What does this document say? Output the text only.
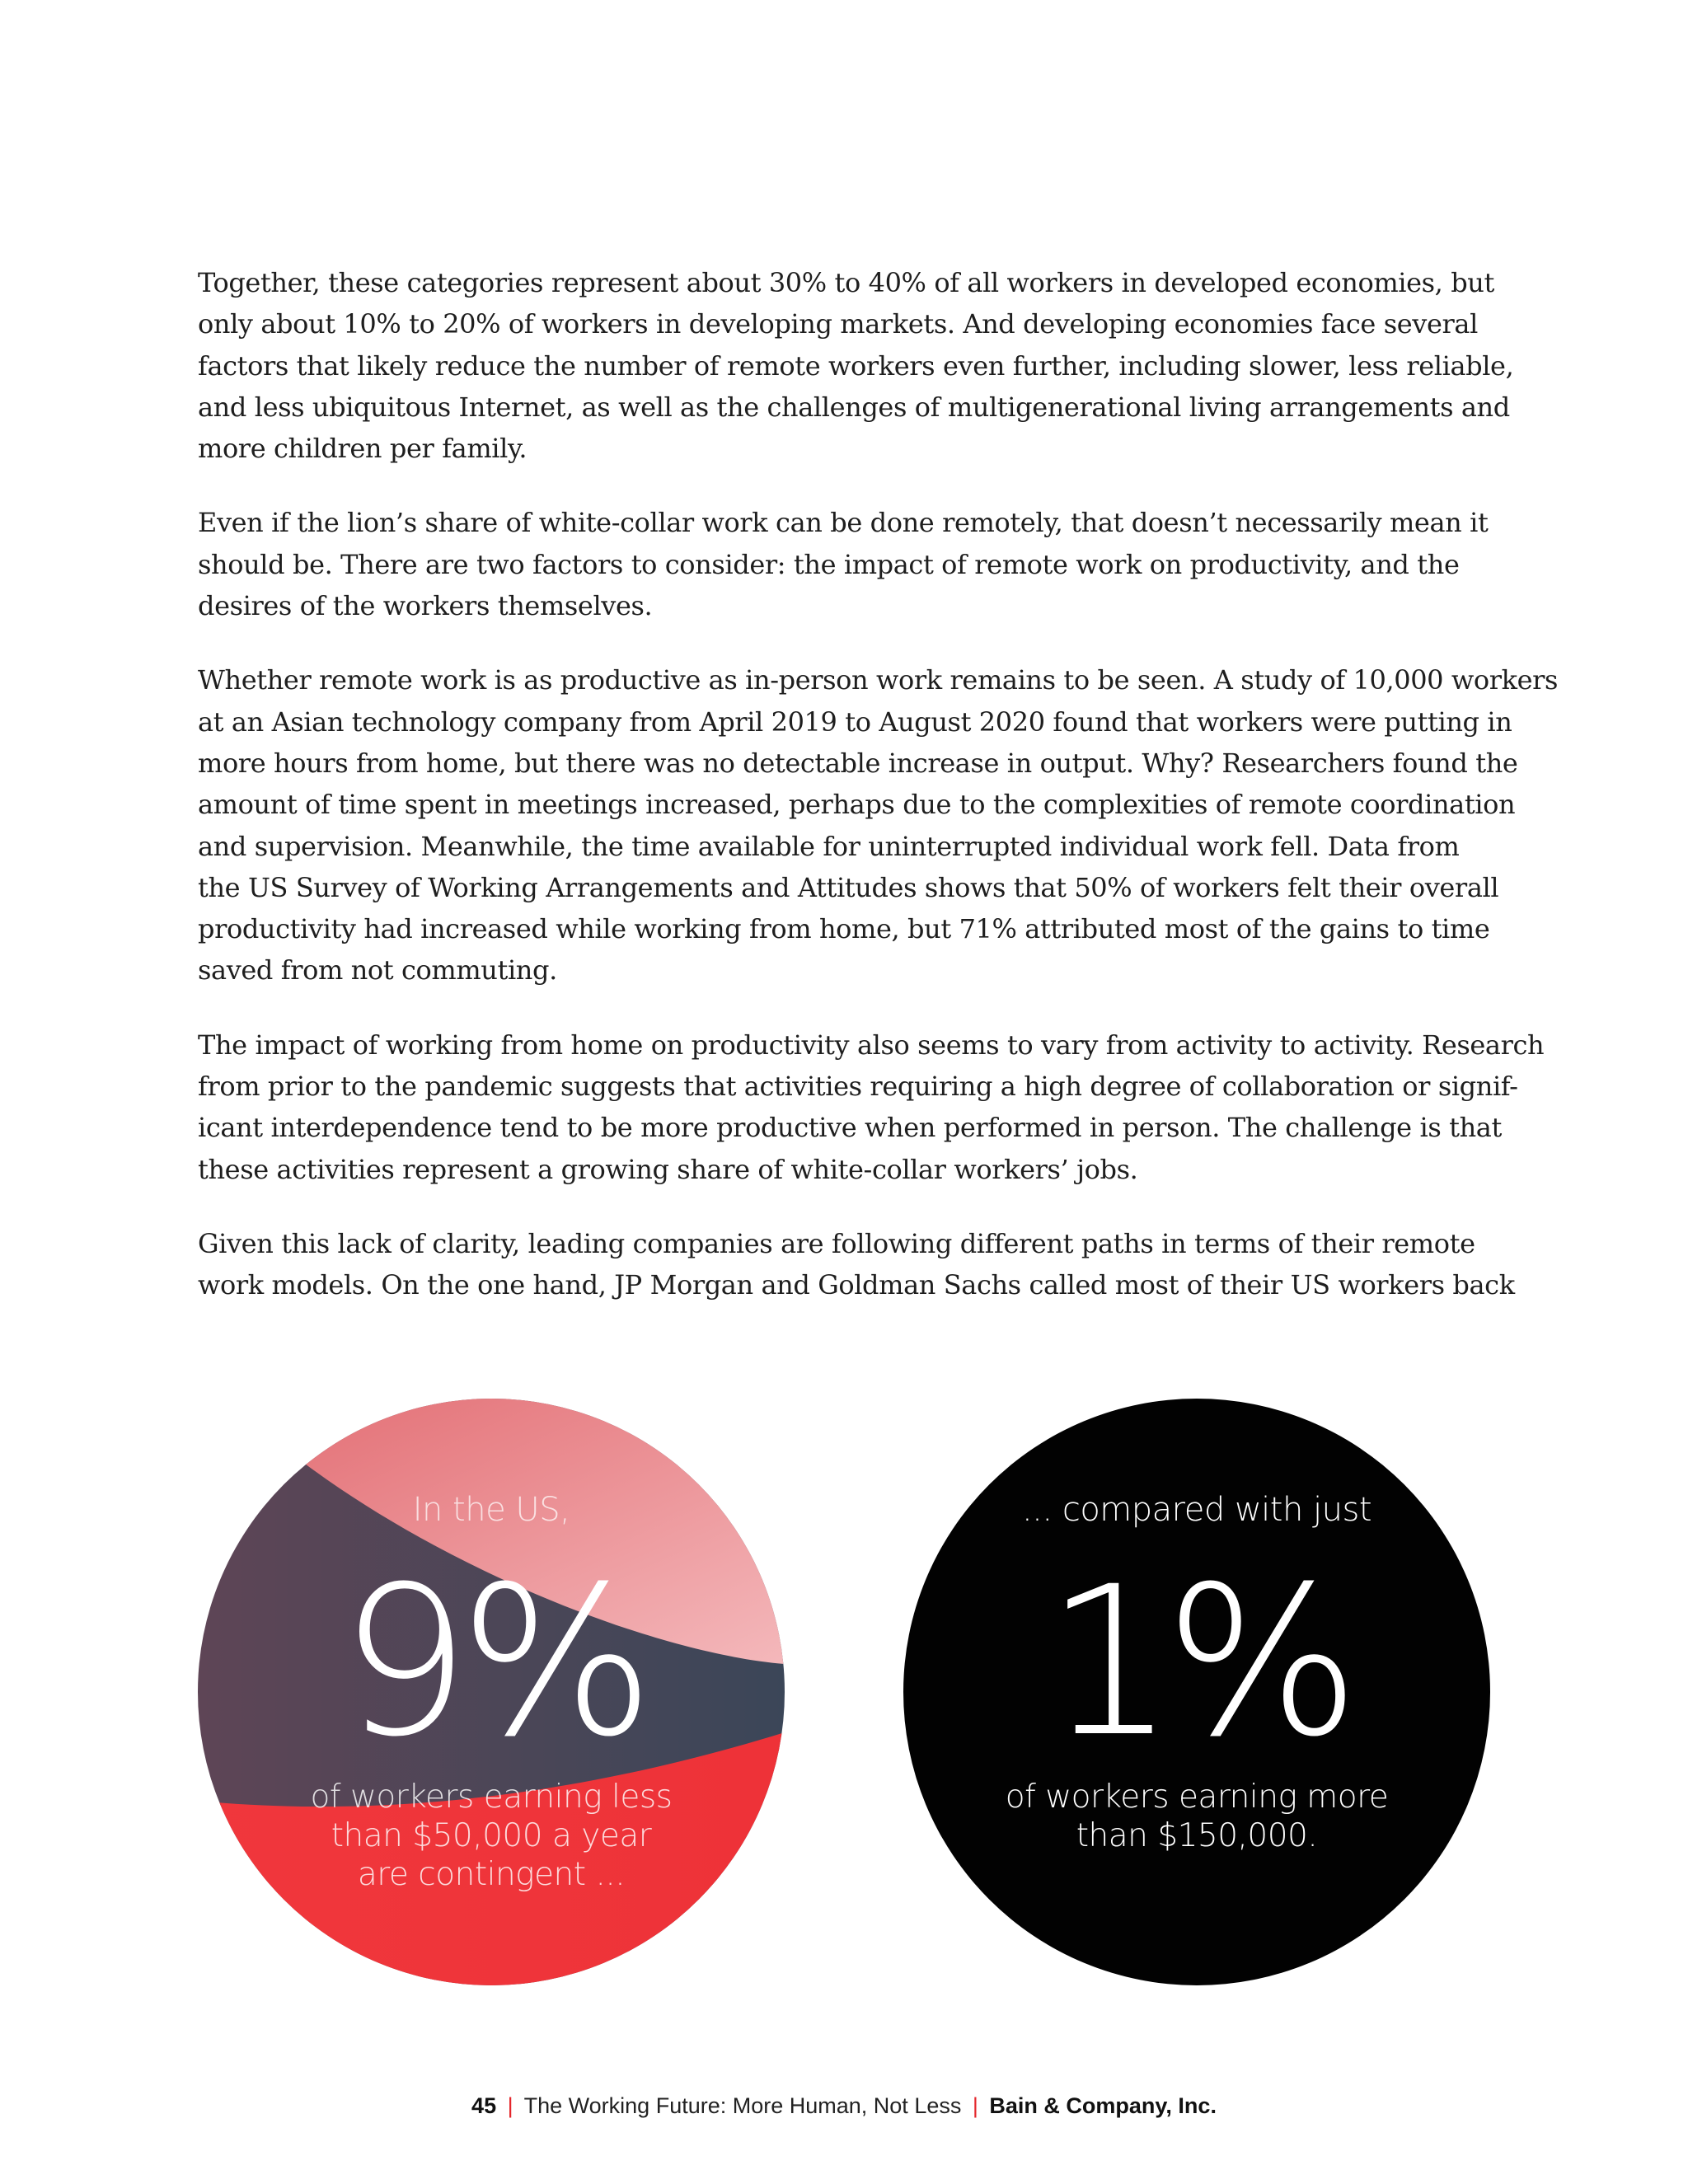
Together, these categories represent about 30% to 40% of all workers in developed economies, but
only about 10% to 20% of workers in developing markets. And developing economies face several
factors that likely reduce the number of remote workers even further, including slower, less reliable,
and less ubiquitous Internet, as well as the challenges of multigenerational living arrangements and
more children per family.

Even if the lion’s share of white-collar work can be done remotely, that doesn’t necessarily mean it
should be. There are two factors to consider: the impact of remote work on productivity, and the
desires of the workers themselves.

Whether remote work is as productive as in-person work remains to be seen. A study of 10,000 workers
at an Asian technology company from April 2019 to August 2020 found that workers were putting in
more hours from home, but there was no detectable increase in output. Why? Researchers found the
amount of time spent in meetings increased, perhaps due to the complexities of remote coordination
and supervision. Meanwhile, the time available for uninterrupted individual work fell. Data from
the US Survey of Working Arrangements and Attitudes shows that 50% of workers felt their overall
productivity had increased while working from home, but 71% attributed most of the gains to time
saved from not commuting.

The impact of working from home on productivity also seems to vary from activity to activity. Research
from prior to the pandemic suggests that activities requiring a high degree of collaboration or signif-
icant interdependence tend to be more productive when performed in person. The challenge is that
these activities represent a growing share of white-collar workers’ jobs.

Given this lack of clarity, leading companies are following different paths in terms of their remote
work models. On the one hand, JP Morgan and Goldman Sachs called most of their US workers back

In the US,
9%
of workers earning less
than $50,000 a year
are contingent ...
... compared with just
1%
of workers earning more
than $150,000.
45 | The Working Future: More Human, Not Less | Bain & Company, Inc.
